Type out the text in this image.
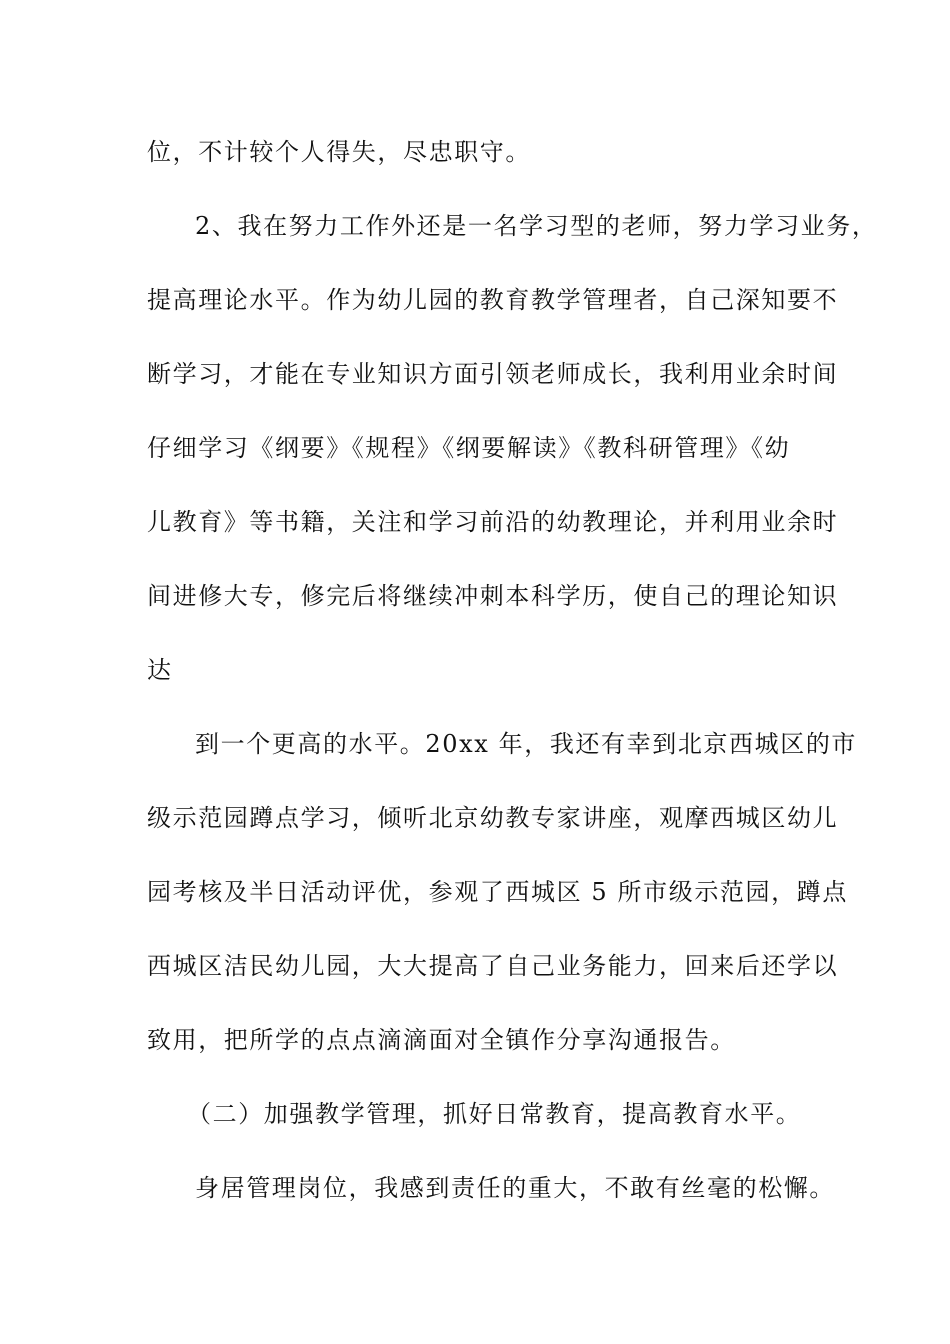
位，不计较个人得失，尽忠职守。
2、我在努力工作外还是一名学习型的老师，努力学习业务，
提高理论水平。作为幼儿园的教育教学管理者，自己深知要不
断学习，才能在专业知识方面引领老师成长，我利用业余时间
仔细学习《纲要》《规程》《纲要解读》《教科研管理》《幼
儿教育》等书籍，关注和学习前沿的幼教理论，并利用业余时
间进修大专，修完后将继续冲刺本科学历，使自己的理论知识
达
到一个更高的水平。20xx 年，我还有幸到北京西城区的市
级示范园蹲点学习，倾听北京幼教专家讲座，观摩西城区幼儿
园考核及半日活动评优，参观了西城区 5 所市级示范园，蹲点
西城区洁民幼儿园，大大提高了自己业务能力，回来后还学以
致用，把所学的点点滴滴面对全镇作分享沟通报告。
（二）加强教学管理，抓好日常教育，提高教育水平。
身居管理岗位，我感到责任的重大，不敢有丝毫的松懈。
